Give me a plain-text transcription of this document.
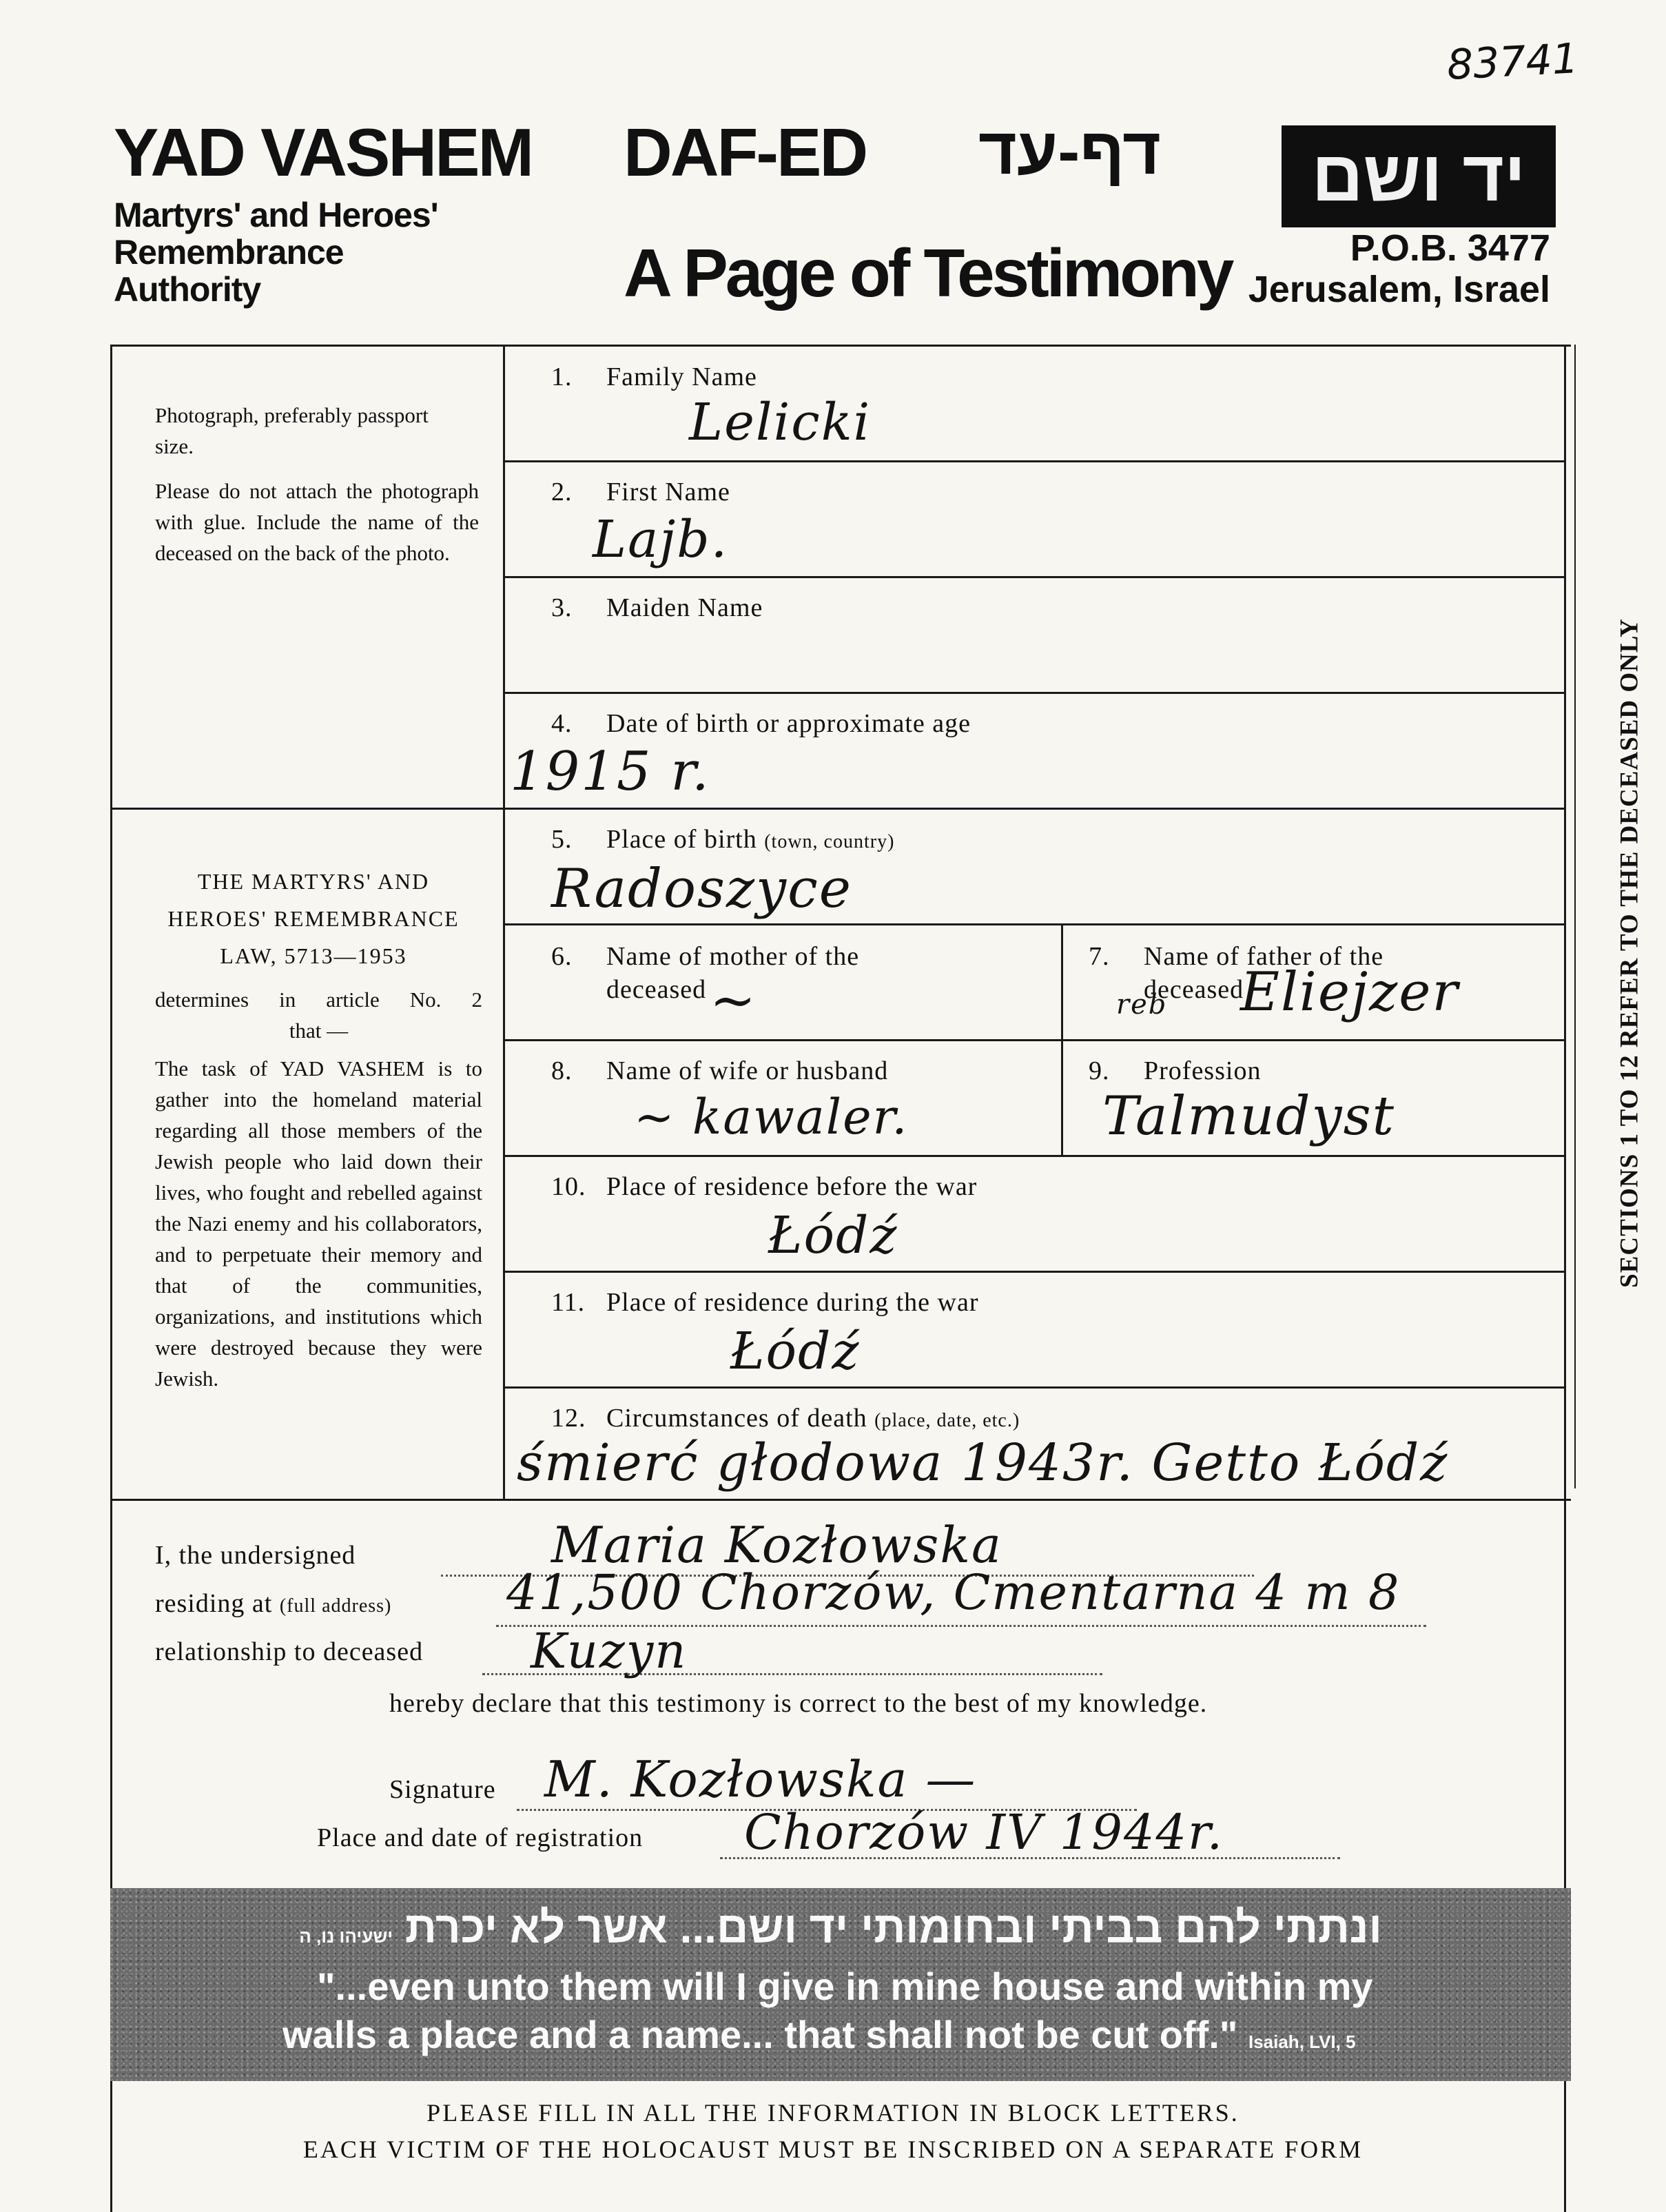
83741
YAD VASHEM
Martyrs' and Heroes'
Remembrance
Authority
DAF-ED דף-עד
A Page of Testimony
יד ושם
P.O.B. 3477
Jerusalem, Israel
Photograph, preferably passport size.
Please do not attach the photograph with glue. Include the name of the deceased on the back of the photo.
THE MARTYRS' AND
HEROES' REMEMBRANCE
LAW, 5713—1953
determines in article No. 2
that —
The task of YAD VASHEM is to gather into the homeland material regarding all those members of the Jewish people who laid down their lives, who fought and rebelled against the Nazi enemy and his collaborators, and to perpetuate their memory and that of the communities, organizations, and institutions which were destroyed because they were Jewish.
1. Family Name
Lelicki
2. First Name
Lajb.
3. Maiden Name
4. Date of birth or approximate age
1915 r.
5. Place of birth (town, country)
Radoszyce
6. Name of mother of the
deceased ~
7. Name of father of the
deceased
reb Eliejzer
8. Name of wife or husband
~ kawaler.
9. Profession
Talmudyst
10. Place of residence before the war
Łódź
11. Place of residence during the war
Łódź
12. Circumstances of death (place, date, etc.)
śmierć głodowa 1943r. Getto Łódź
I, the undersigned	Maria Kozłowska
residing at (full address) 41,500 Chorzów, Cmentarna 4 m 8
relationship to deceased Kuzyn
hereby declare that this testimony is correct to the best of my knowledge.
Signature M. Kozłowska —
Place and date of registration Chorzów IV 1944r.
SECTIONS 1 TO 12 REFER TO THE DECEASED ONLY
ונתתי להם בביתי ובחומותי יד ושם... אשר לא יכרת ישעיהו נו, ה
"...even unto them will I give in mine house and within my
walls a place and a name... that shall not be cut off." Isaiah, LVI, 5
PLEASE FILL IN ALL THE INFORMATION IN BLOCK LETTERS.
EACH VICTIM OF THE HOLOCAUST MUST BE INSCRIBED ON A SEPARATE FORM
